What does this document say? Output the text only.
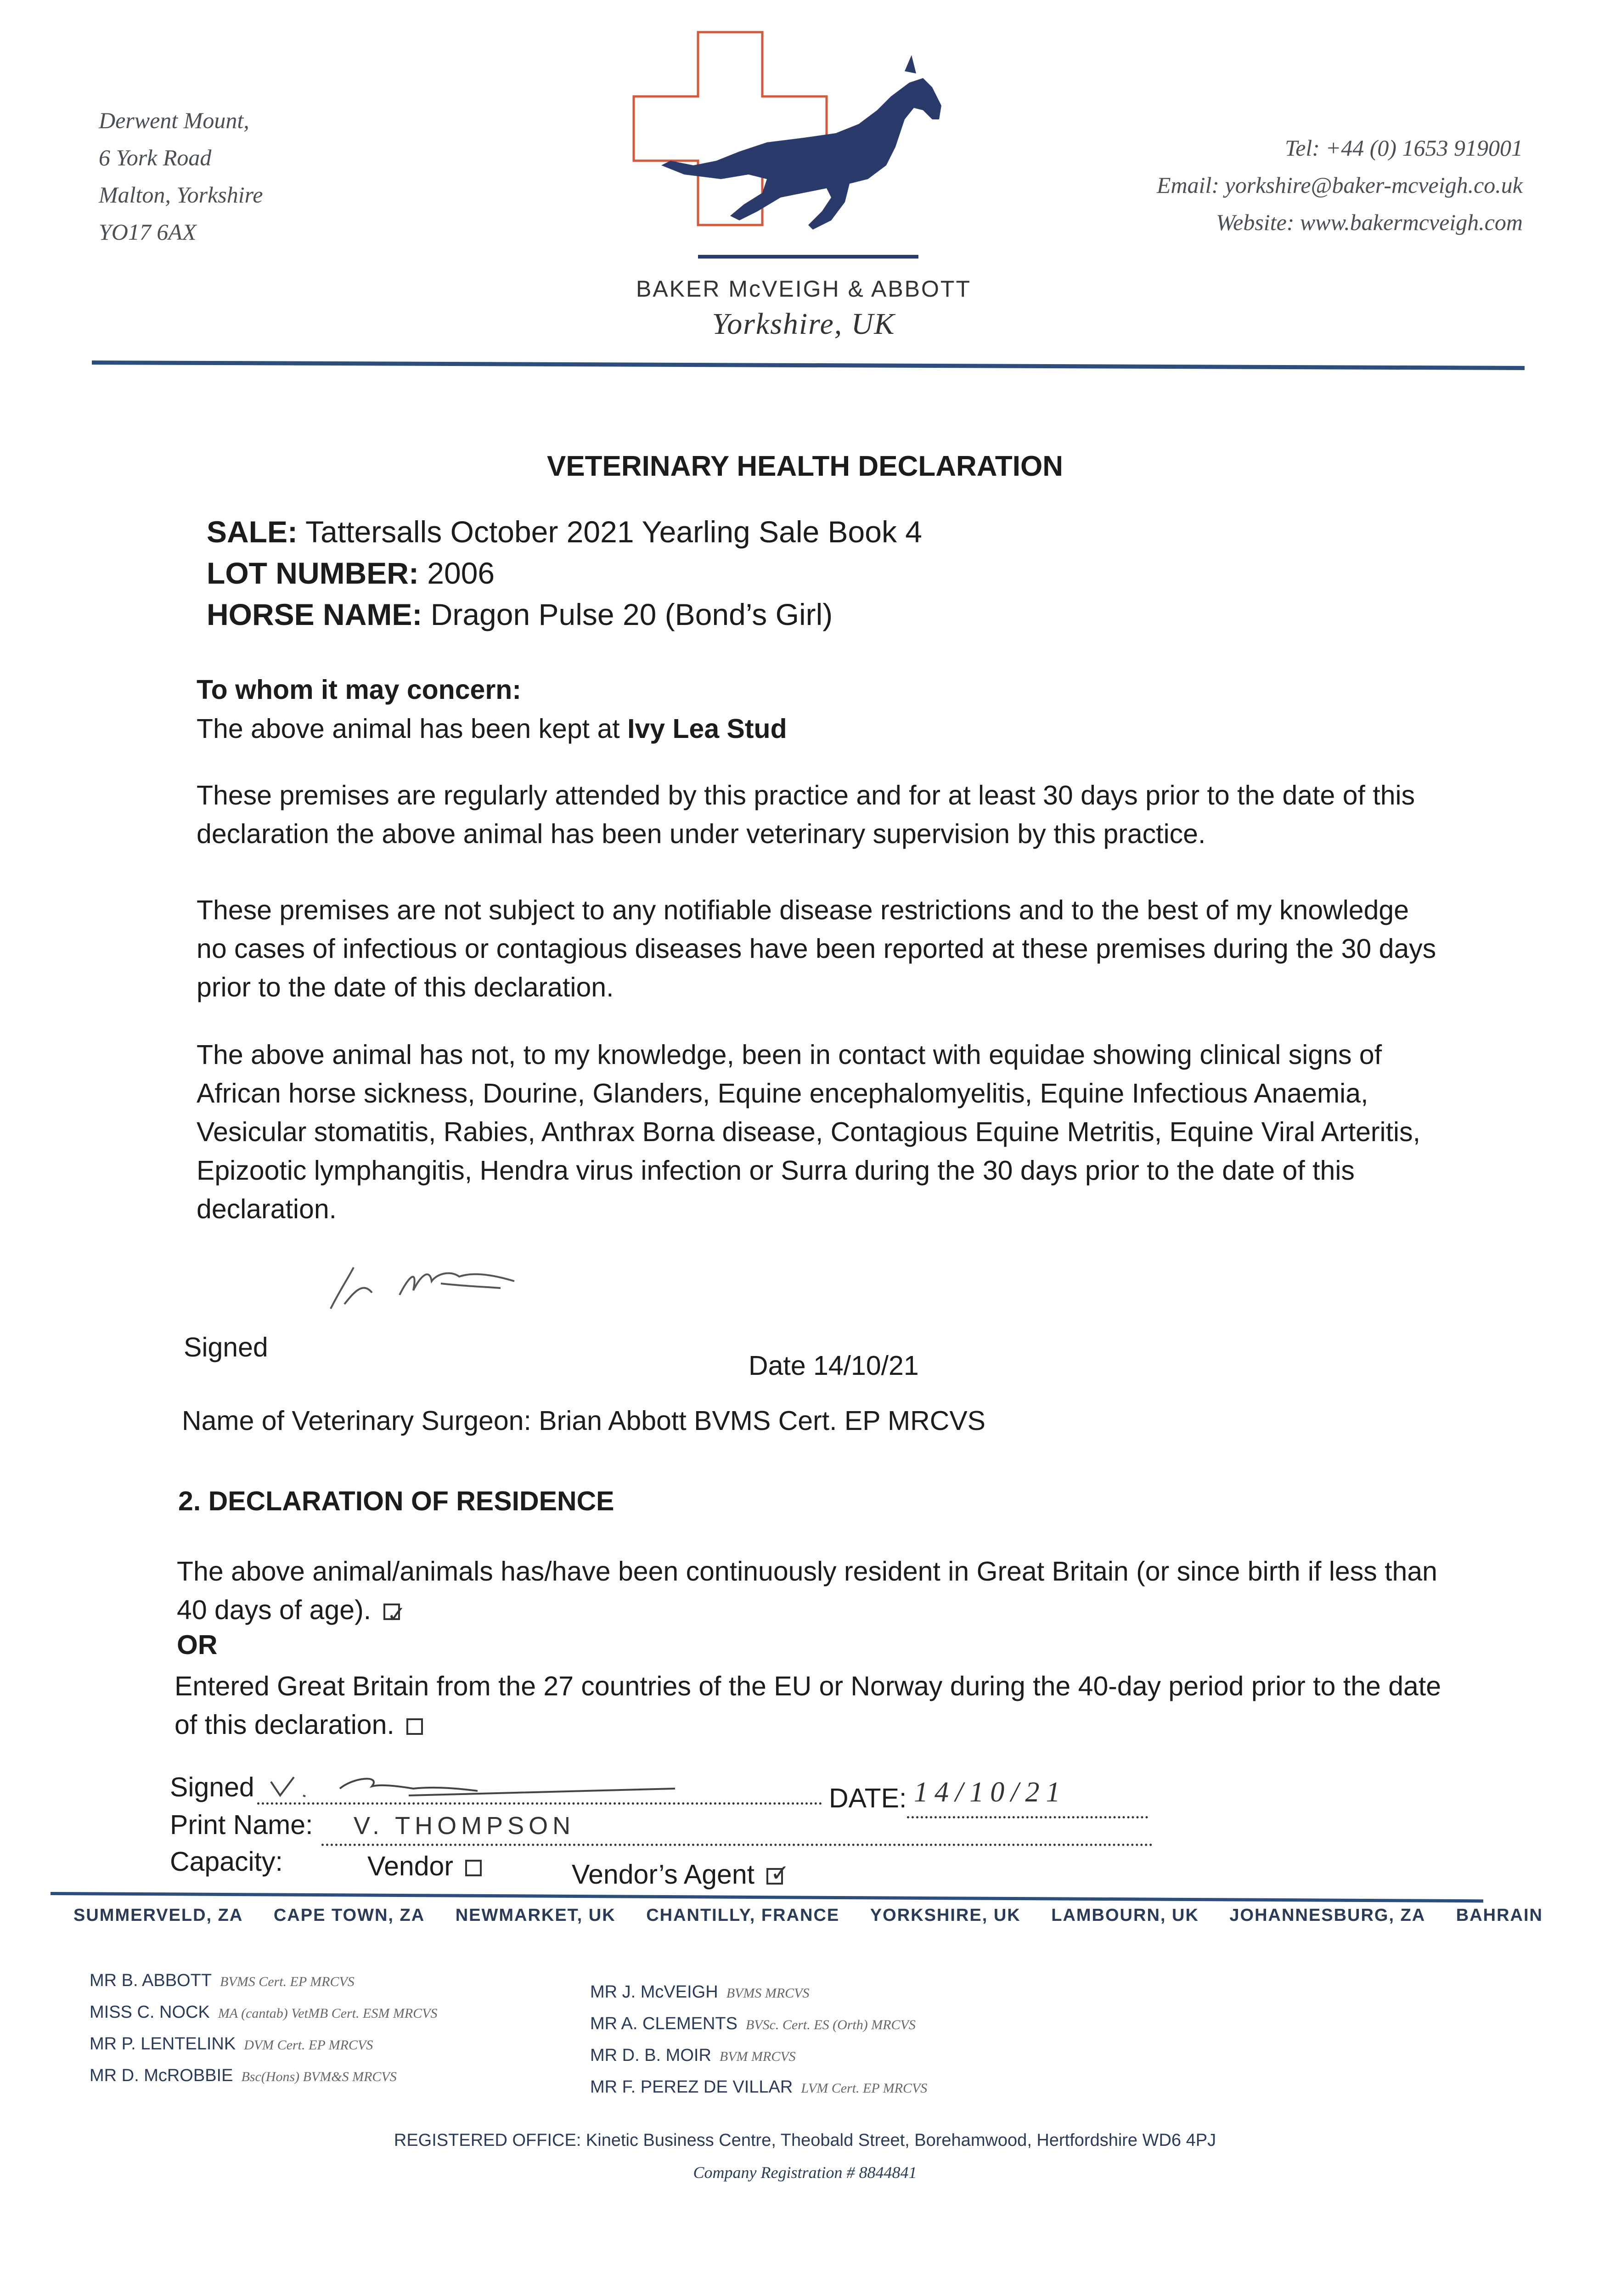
Derwent Mount,
6 York Road
Malton, Yorkshire
YO17 6AX
BAKER McVEIGH & ABBOTT
Yorkshire, UK
Tel: +44 (0) 1653 919001
Email: yorkshire@baker-mcveigh.co.uk
Website: www.bakermcveigh.com
VETERINARY HEALTH DECLARATION
SALE: Tattersalls October 2021 Yearling Sale Book 4
LOT NUMBER: 2006
HORSE NAME: Dragon Pulse 20 (Bond’s Girl)
To whom it may concern:
The above animal has been kept at Ivy Lea Stud
These premises are regularly attended by this practice and for at least 30 days prior to the date of this declaration the above animal has been under veterinary supervision by this practice.
These premises are not subject to any notifiable disease restrictions and to the best of my knowledge no cases of infectious or contagious diseases have been reported at these premises during the 30 days prior to the date of this declaration.
The above animal has not, to my knowledge, been in contact with equidae showing clinical signs of African horse sickness, Dourine, Glanders, Equine encephalomyelitis, Equine Infectious Anaemia, Vesicular stomatitis, Rabies, Anthrax Borna disease, Contagious Equine Metritis, Equine Viral Arteritis, Epizootic lymphangitis, Hendra virus infection or Surra during the 30 days prior to the date of this declaration.
Signed
Date 14/10/21
Name of Veterinary Surgeon: Brian Abbott BVMS Cert. EP MRCVS
2. DECLARATION OF RESIDENCE
The above animal/animals has/have been continuously resident in Great Britain (or since birth if less than 40 days of age). ✓
OR
Entered Great Britain from the 27 countries of the EU or Norway during the 40-day period prior to the date of this declaration.
Signed	DATE: 14/10/21
Print Name: V. THOMPSON
Capacity:	Vendor	Vendor’s Agent ✓
SUMMERVELD, ZA CAPE TOWN, ZA NEWMARKET, UK CHANTILLY, FRANCE YORKSHIRE, UK LAMBOURN, UK JOHANNESBURG, ZA BAHRAIN
MR B. ABBOTT BVMS Cert. EP MRCVS
MISS C. NOCK MA (cantab) VetMB Cert. ESM MRCVS
MR P. LENTELINK DVM Cert. EP MRCVS
MR D. McROBBIE Bsc(Hons) BVM&S MRCVS
MR J. McVEIGH BVMS MRCVS
MR A. CLEMENTS BVSc. Cert. ES (Orth) MRCVS
MR D. B. MOIR BVM MRCVS
MR F. PEREZ DE VILLAR LVM Cert. EP MRCVS
REGISTERED OFFICE: Kinetic Business Centre, Theobald Street, Borehamwood, Hertfordshire WD6 4PJ
Company Registration # 8844841
